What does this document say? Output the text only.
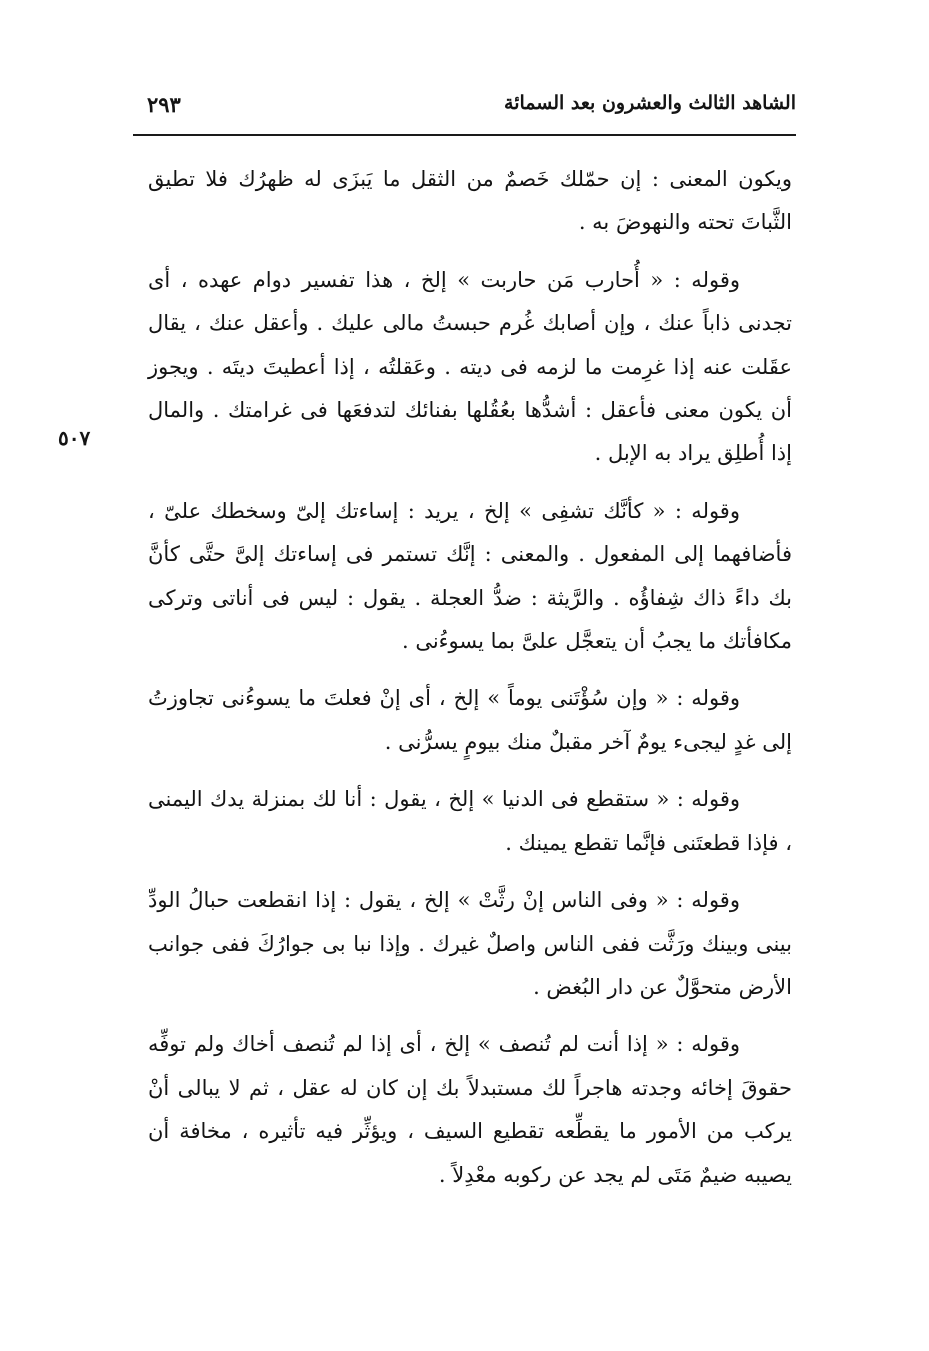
الشاهد الثالث والعشرون بعد السمائة
٢٩٣
٥٠٧

ويكون المعنى : إن حمّلك خَصمٌ من الثقل ما يَبزَى له ظهرُك فلا تطيق الثَّباتَ تحته والنهوضَ به .

وقوله : « أُحارب مَن حاربت » إلخ ، هذا تفسير دوام عهده ، أى تجدنى ذاباً عنك ، وإن أصابك غُرم حبستُ مالى عليك . وأعقل عنك ، يقال عقَلت عنه إذا غرِمت ما لزمه فى ديته . وعَقلتُه ، إذا أعطيتَ ديتَه . ويجوز أن يكون معنى فأعقل : أشدُّها بعُقُلها بفنائك لتدفعَها فى غرامتك . والمال إذا أُطلِق يراد به الإبل .

وقوله : « كأنَّك تشفِى » إلخ ، يريد : إساءتك إلىّ وسخطك علىّ ، فأضافهما إلى المفعول . والمعنى : إنَّك تستمر فى إساءتك إلىَّ حتَّى كأنَّ بك داءً ذاك شِفاؤُه . والرَّيثة : ضدُّ العجلة . يقول : ليس فى أناتى وتركى مكافأتك ما يجبُ أن يتعجَّل علىَّ بما يسوءُنى .

وقوله : « وإن سُؤْتَنى يوماً » إلخ ، أى إنْ فعلتَ ما يسوءُنى تجاوزتُ إلى غدٍ ليجىء يومٌ آخر مقبلٌ منك بيومٍ يسرُّنى .

وقوله : « ستقطع فى الدنيا » إلخ ، يقول : أنا لك بمنزلة يدك اليمنى ، فإذا قطعتَنى فإنَّما تقطع يمينك .

وقوله : « وفى الناس إنْ رثَّتْ » إلخ ، يقول : إذا انقطعت حبالُ الودِّ بينى وبينك ورَثَّت ففى الناس واصلٌ غيرك . وإذا نبا بى جوارُكَ ففى جوانب الأرض متحوَّلٌ عن دار البُغض .

وقوله : « إذا أنت لم تُنصف » إلخ ، أى إذا لم تُنصف أخاك ولم توفِّه حقوقَ إخائه وجدته هاجراً لك مستبدلاً بك إن كان له عقل ، ثم لا يبالى أنْ يركب من الأمور ما يقطِّعه تقطيع السيف ، ويؤثِّر فيه تأثيره ، مخافة أن يصيبه ضيمٌ مَتَى لم يجد عن ركوبه معْدِلاً .
